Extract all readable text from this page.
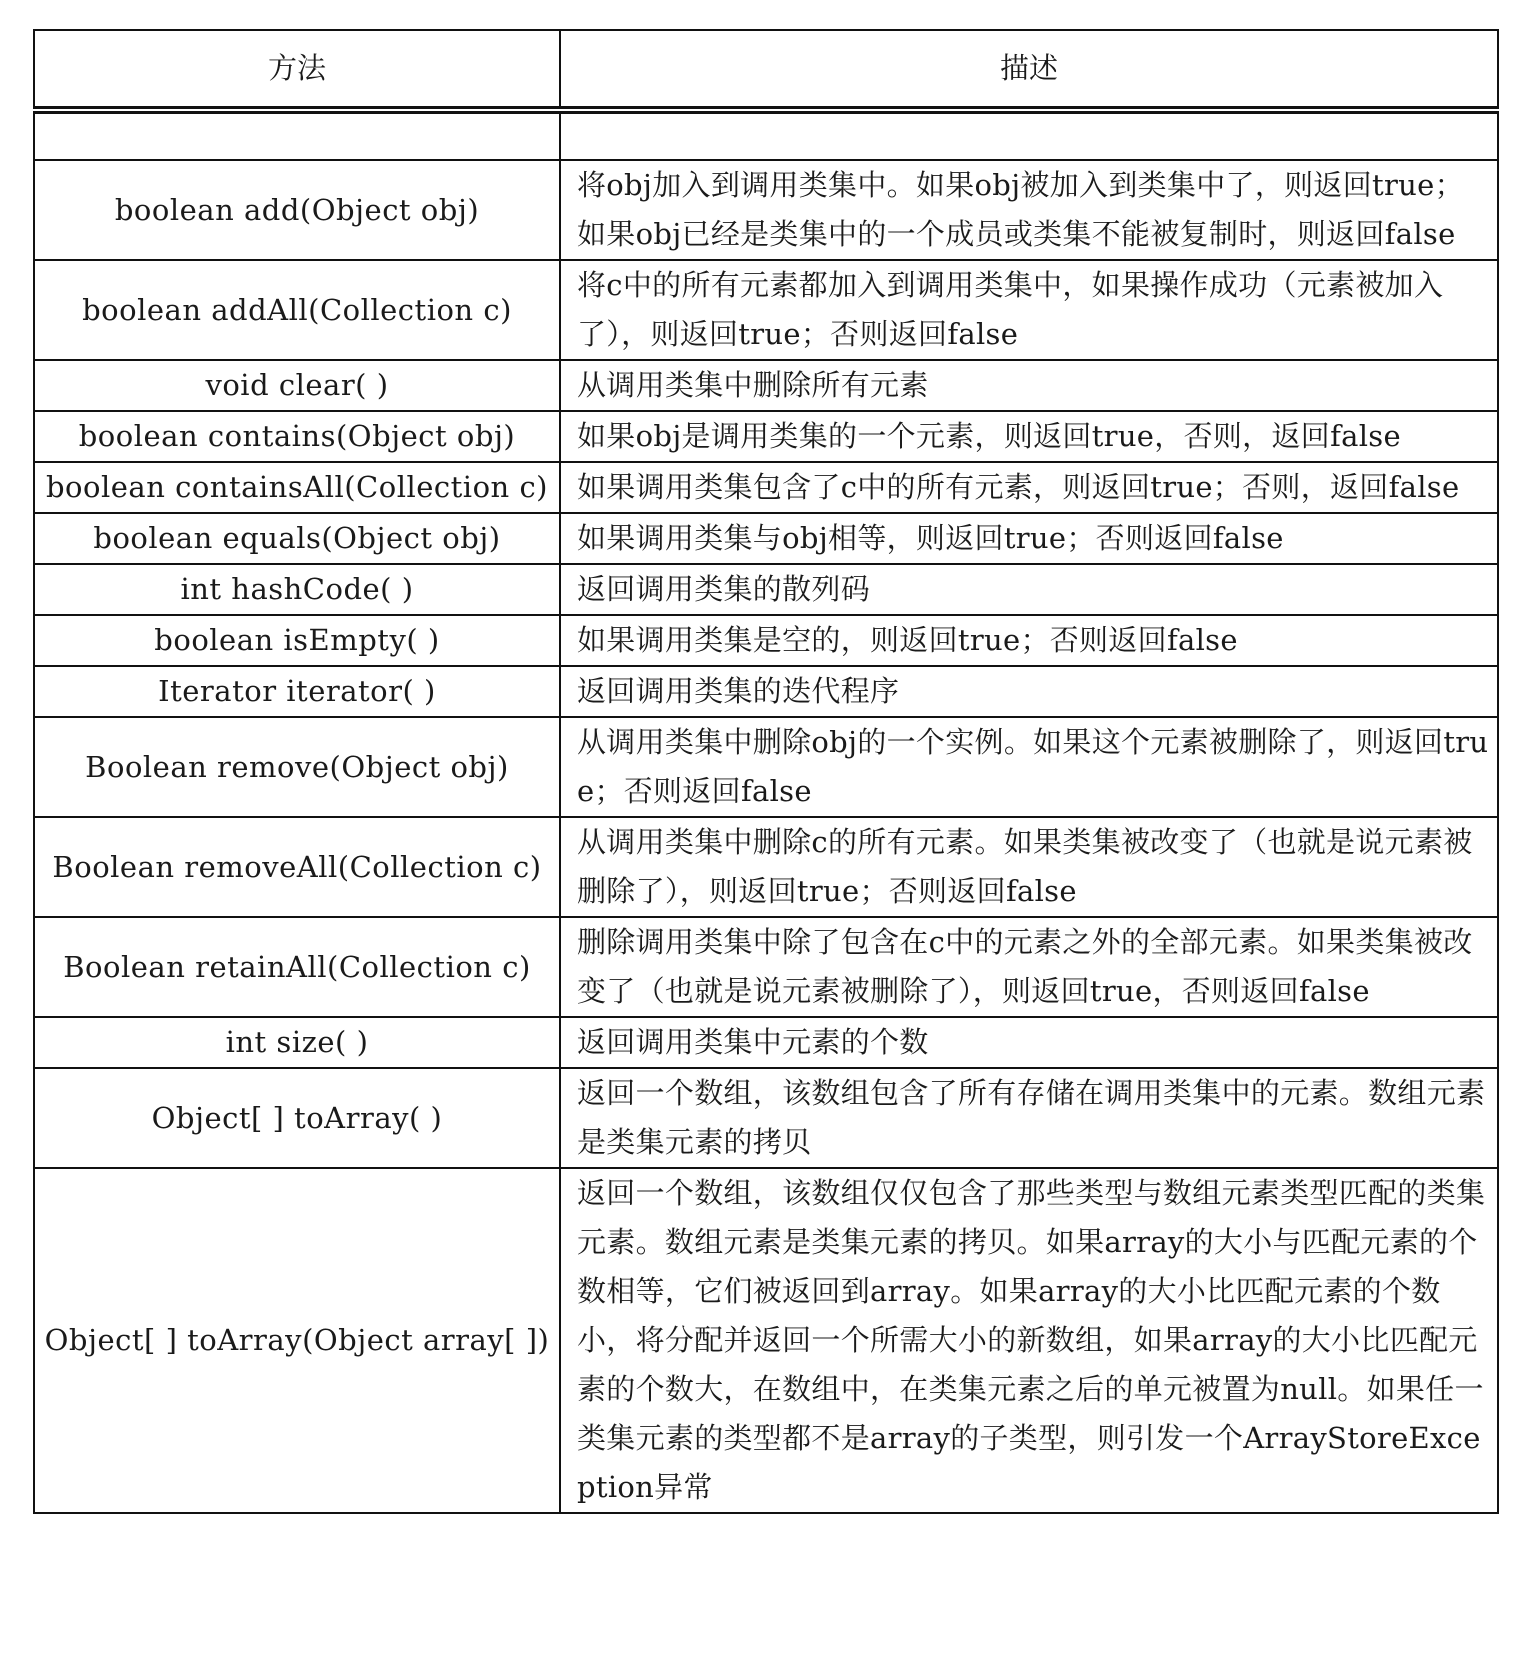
方法	描述

boolean add(Object obj)	将obj加入到调用类集中。如果obj被加入到类集中了，则返回true；如果obj已经是类集中的一个成员或类集不能被复制时，则返回false
boolean addAll(Collection c)	将c中的所有元素都加入到调用类集中，如果操作成功（元素被加入了），则返回true；否则返回false
void clear( )	从调用类集中删除所有元素
boolean contains(Object obj)	如果obj是调用类集的一个元素，则返回true，否则，返回false
boolean containsAll(Collection c)	如果调用类集包含了c中的所有元素，则返回true；否则，返回false
boolean equals(Object obj)	如果调用类集与obj相等，则返回true；否则返回false
int hashCode( )	返回调用类集的散列码
boolean isEmpty( )	如果调用类集是空的，则返回true；否则返回false
Iterator iterator( )	返回调用类集的迭代程序
Boolean remove(Object obj)	从调用类集中删除obj的一个实例。如果这个元素被删除了，则返回true；否则返回false
Boolean removeAll(Collection c)	从调用类集中删除c的所有元素。如果类集被改变了（也就是说元素被删除了），则返回true；否则返回false
Boolean retainAll(Collection c)	删除调用类集中除了包含在c中的元素之外的全部元素。如果类集被改变了（也就是说元素被删除了），则返回true，否则返回false
int size( )	返回调用类集中元素的个数
Object[ ] toArray( )	返回一个数组，该数组包含了所有存储在调用类集中的元素。数组元素是类集元素的拷贝
Object[ ] toArray(Object array[ ])	返回一个数组，该数组仅仅包含了那些类型与数组元素类型匹配的类集元素。数组元素是类集元素的拷贝。如果array的大小与匹配元素的个数相等，它们被返回到array。如果array的大小比匹配元素的个数小，将分配并返回一个所需大小的新数组，如果array的大小比匹配元素的个数大，在数组中，在类集元素之后的单元被置为null。如果任一类集元素的类型都不是array的子类型，则引发一个ArrayStoreException异常
